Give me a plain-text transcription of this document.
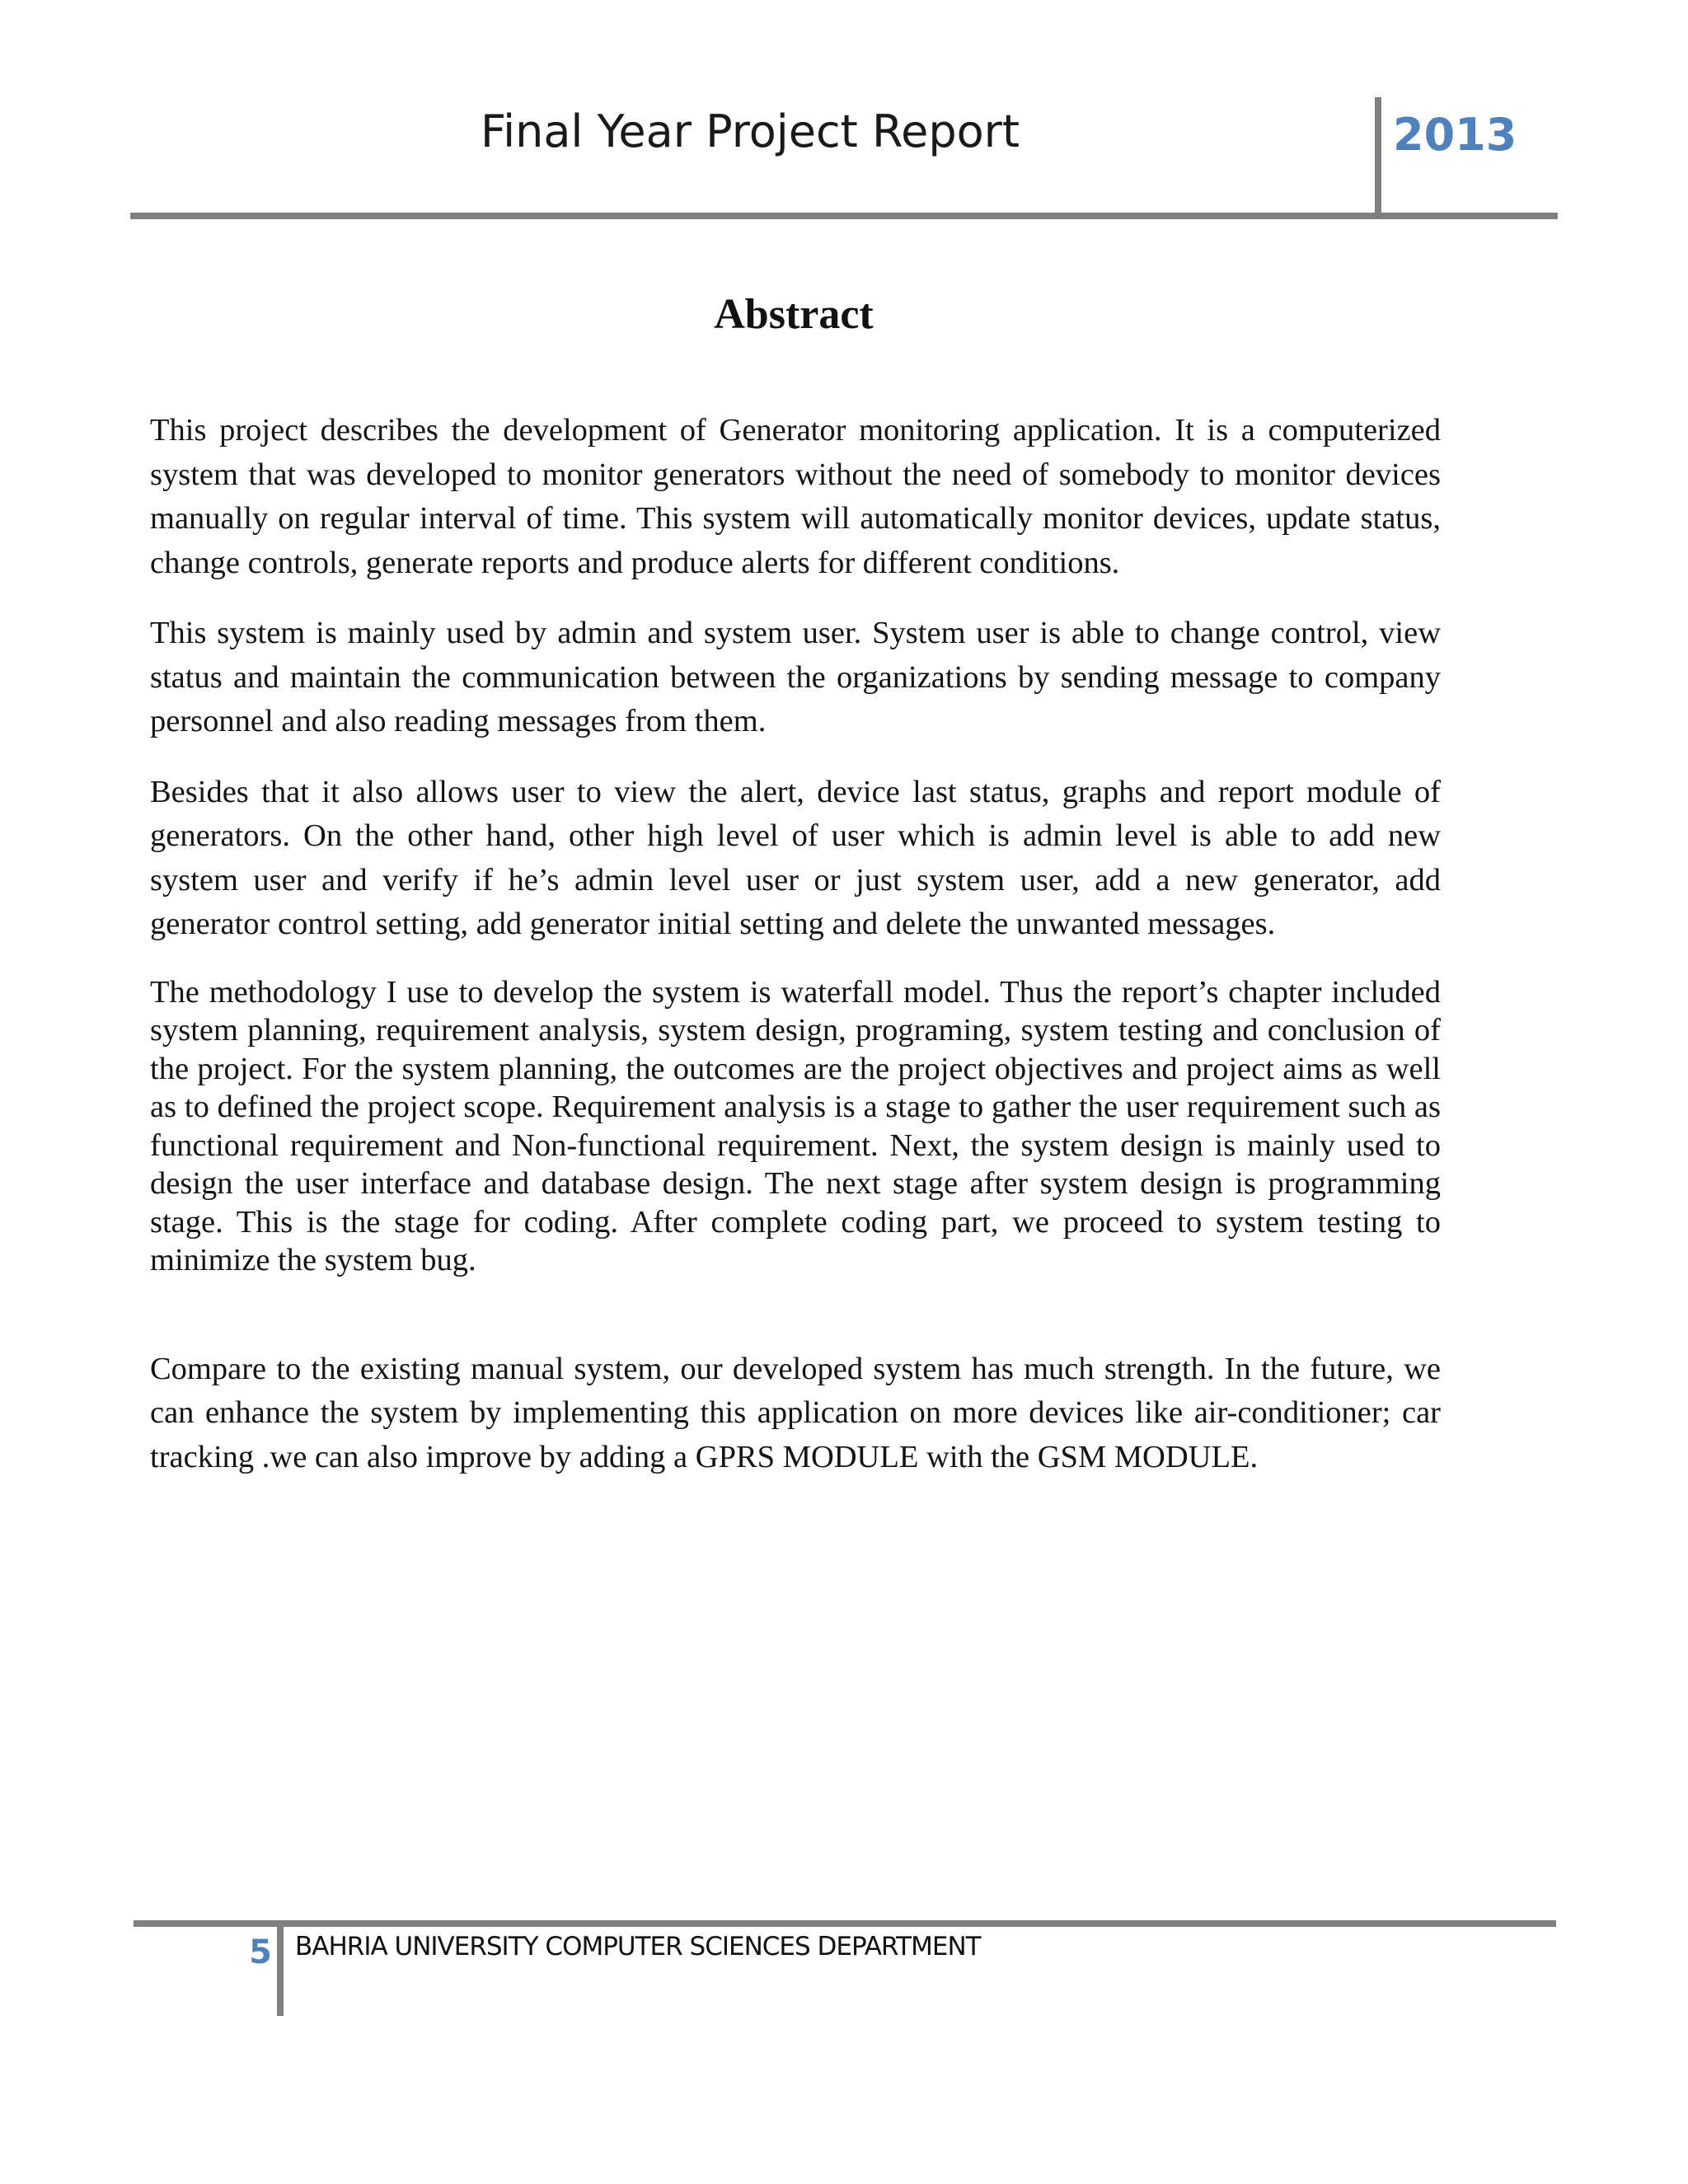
Final Year Project Report	2013
Abstract

This project describes the development of Generator monitoring application. It is a computerized system that was developed to monitor generators without the need of somebody to monitor devices manually on regular interval of time. This system will automatically monitor devices, update status, change controls, generate reports and produce alerts for different conditions.

This system is mainly used by admin and system user. System user is able to change control, view status and maintain the communication between the organizations by sending message to company personnel and also reading messages from them.

Besides that it also allows user to view the alert, device last status, graphs and report module of generators. On the other hand, other high level of user which is admin level is able to add new system user and verify if he’s admin level user or just system user, add a new generator, add generator control setting, add generator initial setting and delete the unwanted messages.

The methodology I use to develop the system is waterfall model. Thus the report’s chapter included system planning, requirement analysis, system design, programing, system testing and conclusion of the project. For the system planning, the outcomes are the project objectives and project aims as well as to defined the project scope. Requirement analysis is a stage to gather the user requirement such as functional requirement and Non-functional requirement. Next, the system design is mainly used to design the user interface and database design. The next stage after system design is programming stage. This is the stage for coding. After complete coding part, we proceed to system testing to minimize the system bug.

Compare to the existing manual system, our developed system has much strength. In the future, we can enhance the system by implementing this application on more devices like air-conditioner; car tracking .we can also improve by adding a GPRS MODULE with the GSM MODULE.

5 BAHRIA UNIVERSITY COMPUTER SCIENCES DEPARTMENT
